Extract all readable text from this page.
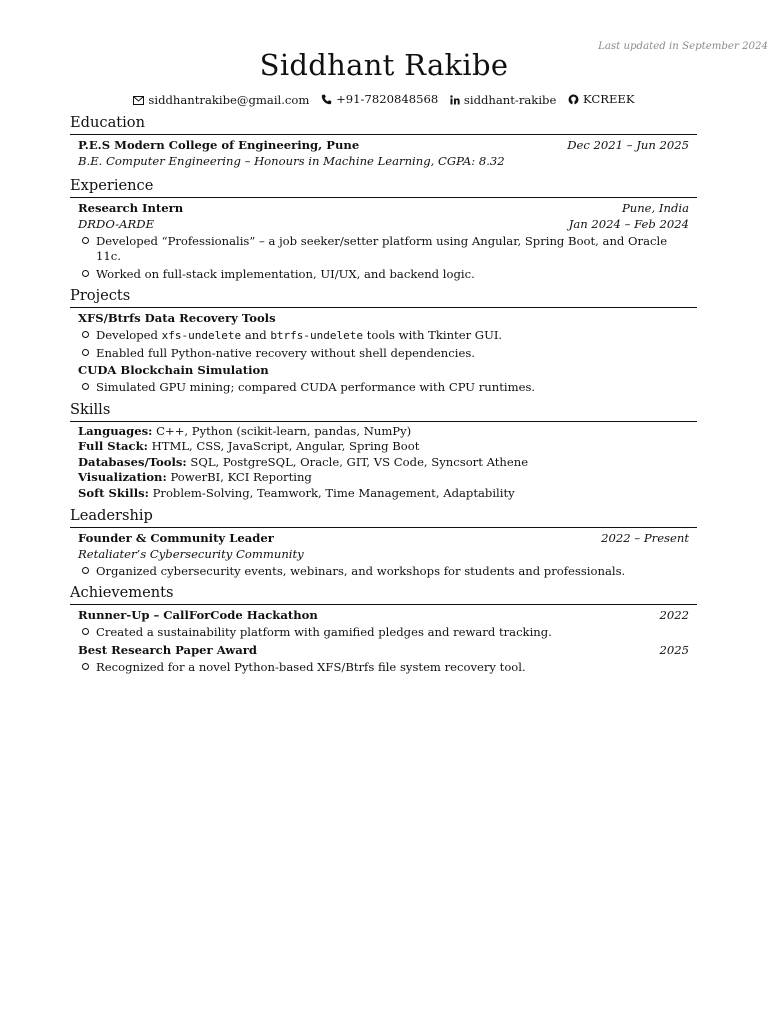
Last updated in September 2024
Siddhant Rakibe
siddhantrakibe@gmail.com
+91-7820848568
siddhant-rakibe
KCREEK
Education
P.E.S Modern College of Engineering, Pune	Dec 2021 – Jun 2025
B.E. Computer Engineering – Honours in Machine Learning, CGPA: 8.32
Experience
Research Intern	Pune, India
DRDO-ARDE	Jan 2024 – Feb 2024
Developed “Professionalis” – a job seeker/setter platform using Angular, Spring Boot, and Oracle 11c.
Worked on full-stack implementation, UI/UX, and backend logic.
Projects
XFS/Btrfs Data Recovery Tools
Developed xfs-undelete and btrfs-undelete tools with Tkinter GUI.
Enabled full Python-native recovery without shell dependencies.
CUDA Blockchain Simulation
Simulated GPU mining; compared CUDA performance with CPU runtimes.
Skills
Languages: C++, Python (scikit-learn, pandas, NumPy)
Full Stack: HTML, CSS, JavaScript, Angular, Spring Boot
Databases/Tools: SQL, PostgreSQL, Oracle, GIT, VS Code, Syncsort Athene
Visualization: PowerBI, KCI Reporting
Soft Skills: Problem-Solving, Teamwork, Time Management, Adaptability
Leadership
Founder & Community Leader	2022 – Present
Retaliater’s Cybersecurity Community
Organized cybersecurity events, webinars, and workshops for students and professionals.
Achievements
Runner-Up – CallForCode Hackathon	2022
Created a sustainability platform with gamified pledges and reward tracking.
Best Research Paper Award	2025
Recognized for a novel Python-based XFS/Btrfs file system recovery tool.
